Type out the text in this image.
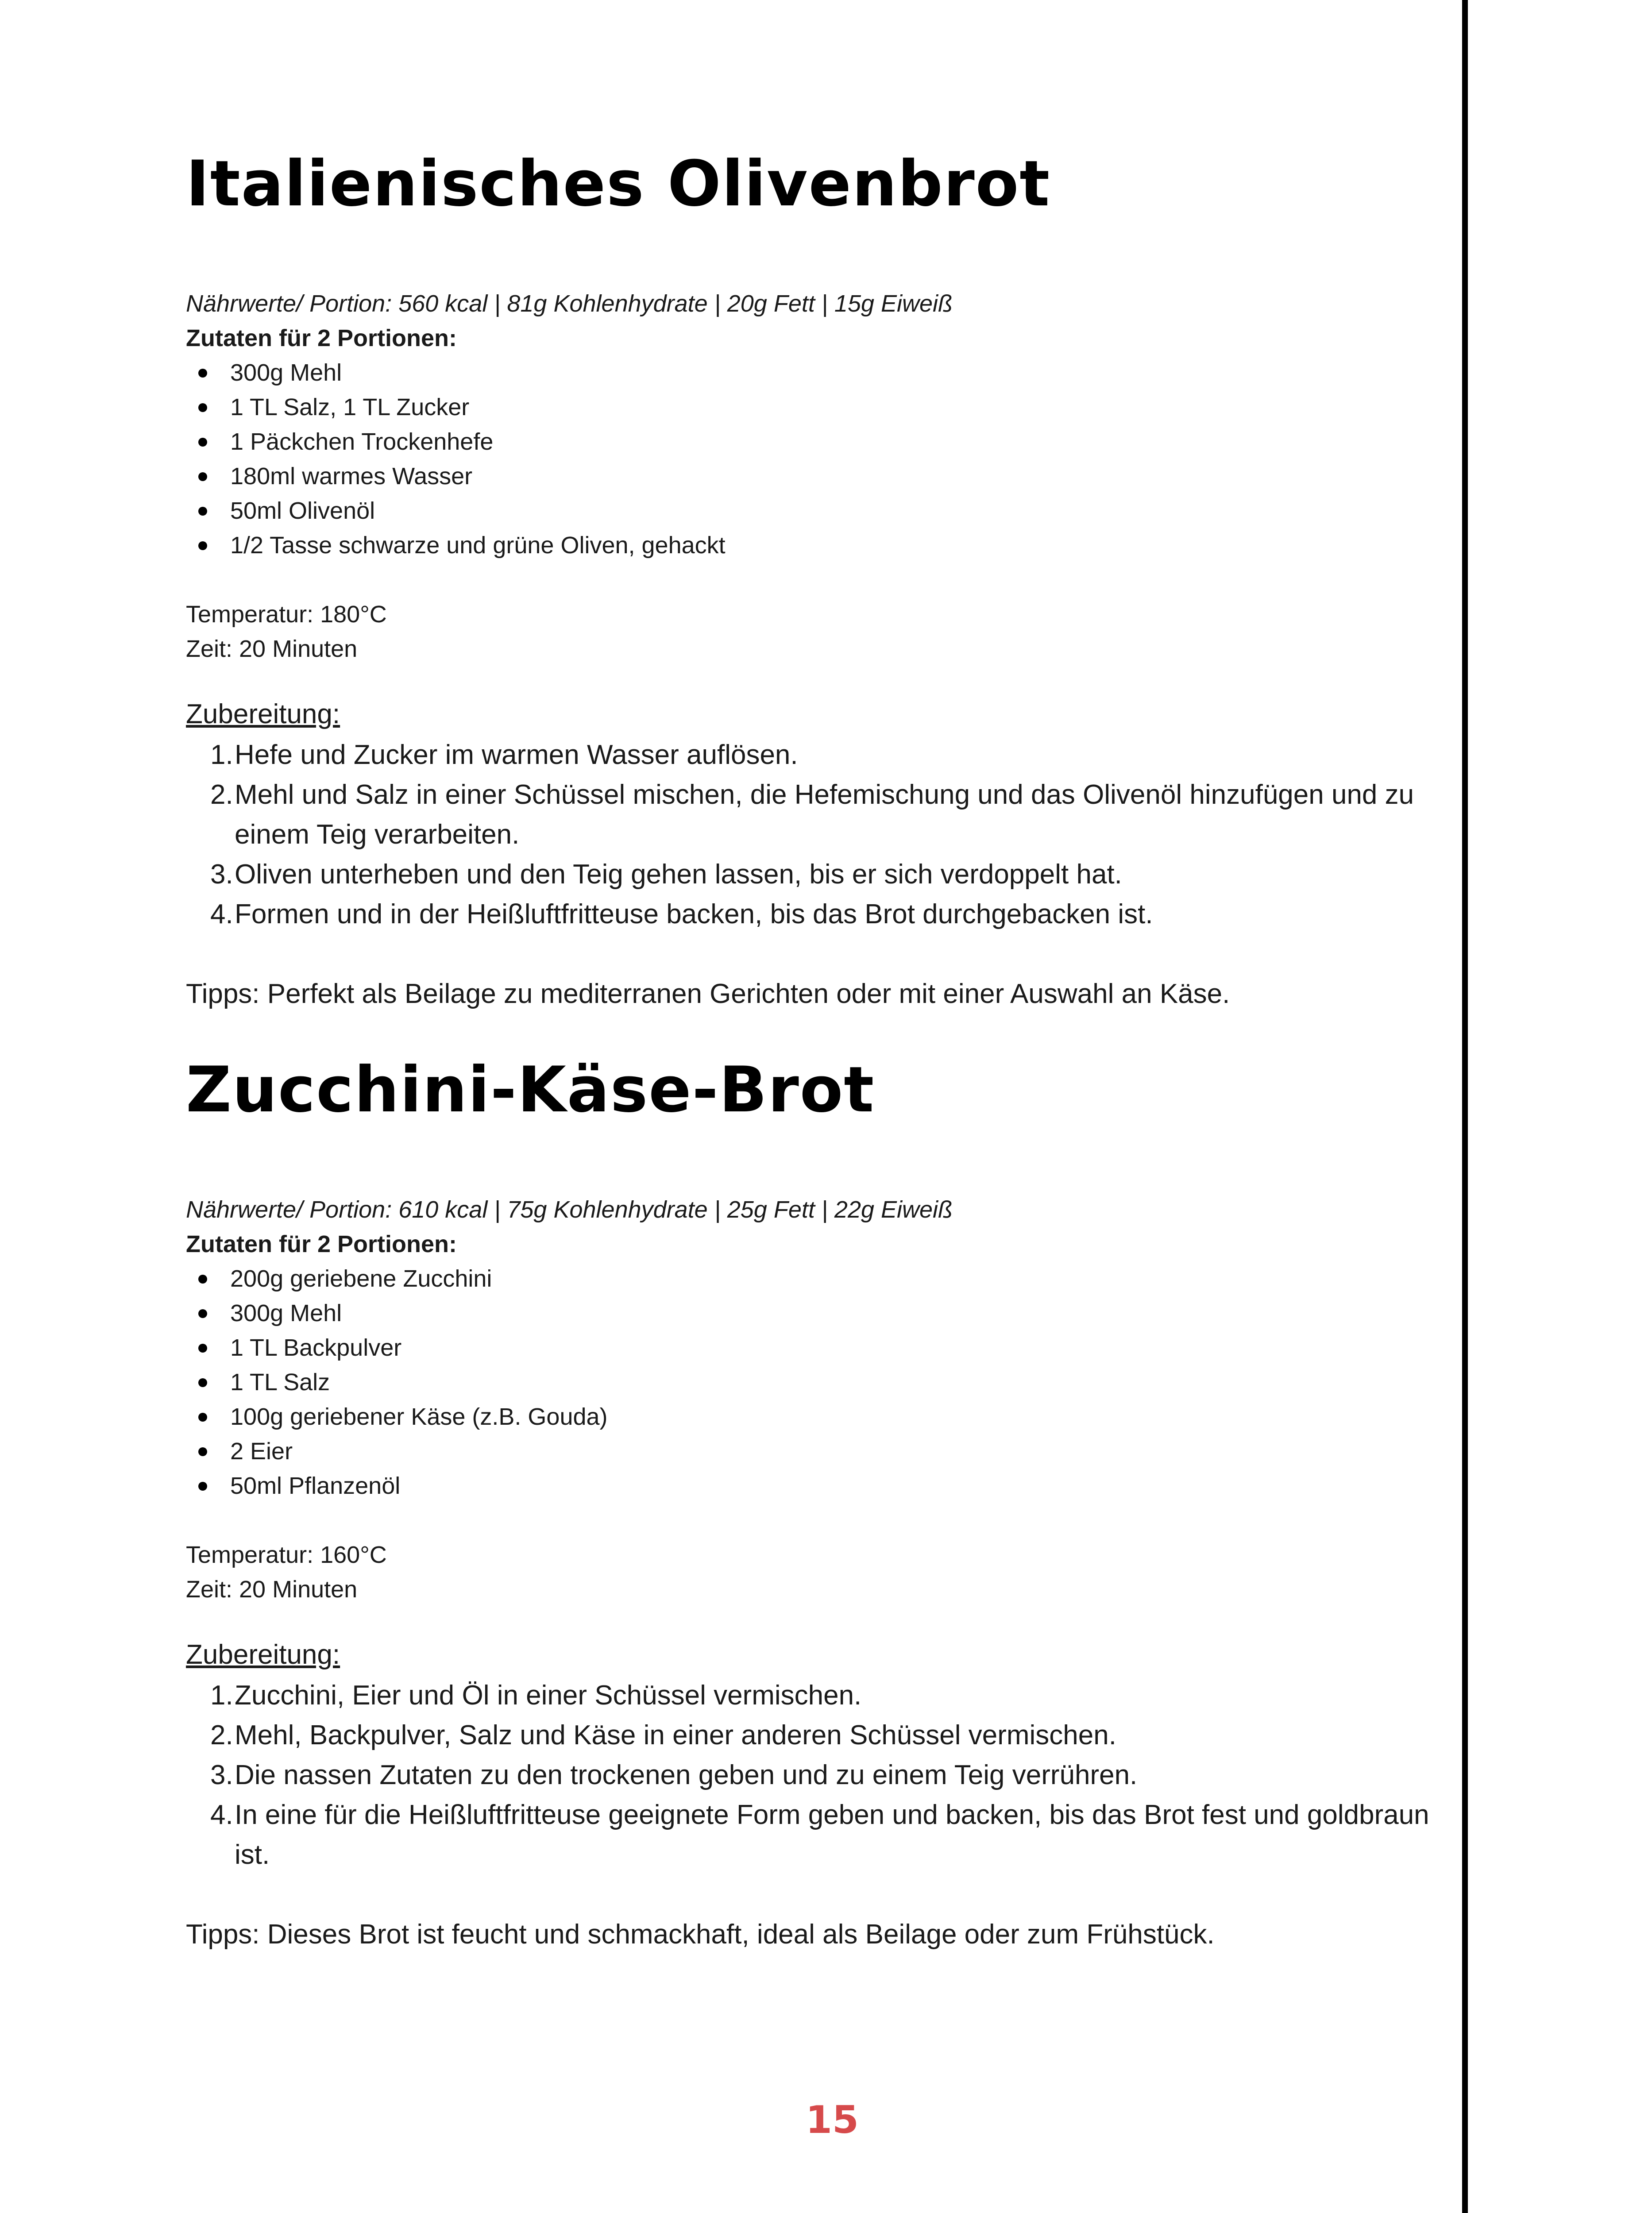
Italienisches Olivenbrot

Nährwerte/ Portion: 560 kcal | 81g Kohlenhydrate | 20g Fett | 15g Eiweiß

Zutaten für 2 Portionen:

300g Mehl
1 TL Salz, 1 TL Zucker
1 Päckchen Trockenhefe
180ml warmes Wasser
50ml Olivenöl
1/2 Tasse schwarze und grüne Oliven, gehackt

Temperatur: 180°C

Zeit: 20 Minuten

Zubereitung:

1. Hefe und Zucker im warmen Wasser auflösen.
2. Mehl und Salz in einer Schüssel mischen, die Hefemischung und das Olivenöl hinzufügen und zu einem Teig verarbeiten.
3. Oliven unterheben und den Teig gehen lassen, bis er sich verdoppelt hat.
4. Formen und in der Heißluftfritteuse backen, bis das Brot durchgebacken ist.

Tipps: Perfekt als Beilage zu mediterranen Gerichten oder mit einer Auswahl an Käse.

Zucchini-Käse-Brot

Nährwerte/ Portion: 610 kcal | 75g Kohlenhydrate | 25g Fett | 22g Eiweiß

Zutaten für 2 Portionen:

200g geriebene Zucchini
300g Mehl
1 TL Backpulver
1 TL Salz
100g geriebener Käse (z.B. Gouda)
2 Eier
50ml Pflanzenöl

Temperatur: 160°C

Zeit: 20 Minuten

Zubereitung:

1. Zucchini, Eier und Öl in einer Schüssel vermischen.
2. Mehl, Backpulver, Salz und Käse in einer anderen Schüssel vermischen.
3. Die nassen Zutaten zu den trockenen geben und zu einem Teig verrühren.
4. In eine für die Heißluftfritteuse geeignete Form geben und backen, bis das Brot fest und goldbraun ist.

Tipps: Dieses Brot ist feucht und schmackhaft, ideal als Beilage oder zum Frühstück.

15
